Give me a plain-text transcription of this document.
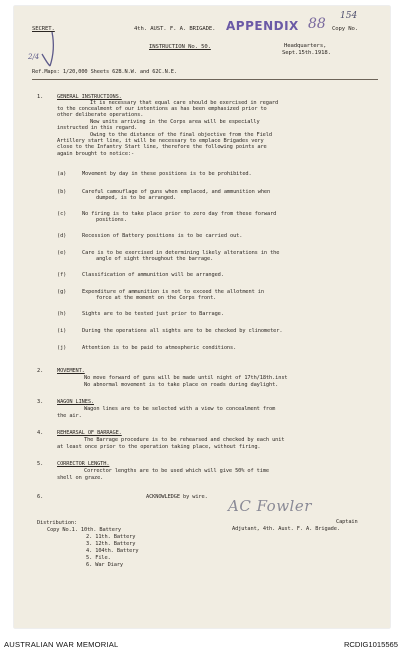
SECRET.	4th. AUST. F. A. BRIGADE. APPENDIX 88 154
Copy No.
2/4
INSTRUCTION No. 50.	Headquarters,
Sept.15th.1918.
Ref.Maps: 1/20,000 Sheets 62B.N.W. and 62C.N.E.
1.	GENERAL INSTRUCTIONS.
It is necessary that equal care should be exercised in regard
to the concealment of our intentions as has been emphasized prior to
other deliberate operations.
New units arriving in the Corps area will be especially
instructed in this regard.
Owing to the distance of the final objective from the Field
Artillery start line, it will be necessary to emplace Brigades very
close to the Infantry Start line, therefore the following points are
again brought to notice:-
(a)	Movement by day in these positions is to be prohibited.
(b)	Careful camouflage of guns when emplaced, and ammunition when
dumped, is to be arranged.
(c)	No firing is to take place prior to zero day from these forward
positions.
(d)	Recession of Battery positions is to be carried out.
(e)	Care is to be exercised in determining likely alterations in the
angle of sight throughout the barrage.
(f)	Classification of ammunition will be arranged.
(g)	Expenditure of ammunition is not to exceed the allotment in
force at the moment on the Corps front.
(h)	Sights are to be tested just prior to Barrage.
(i)	During the operations all sights are to be checked by clinometer.
(j)	Attention is to be paid to atmospheric conditions.
2.	MOVEMENT.
No move forward of guns will be made until night of 17th/18th.inst
No abnormal movement is to take place on roads during daylight.
3.	WAGON LINES.
Wagon lines are to be selected with a view to concealment from
the air.
4.	REHEARSAL OF BARRAGE.
The Barrage procedure is to be rehearsed and checked by each unit
at least once prior to the operation taking place, without firing.
5.	CORRECTOR LENGTH.
Corrector lengths are to be used which will give 50% of time
shell on graze.
6.	ACKNOWLEDGE by wire. AC Fowler
Captain
Adjutant, 4th. Aust. F. A. Brigade.
Distribution:
Copy No.1. 10th. Battery
2. 11th. Battery
3. 12th. Battery
4. 104th. Battery
5. File.
6. War Diary
AUSTRALIAN WAR MEMORIAL	RCDIG1015565
